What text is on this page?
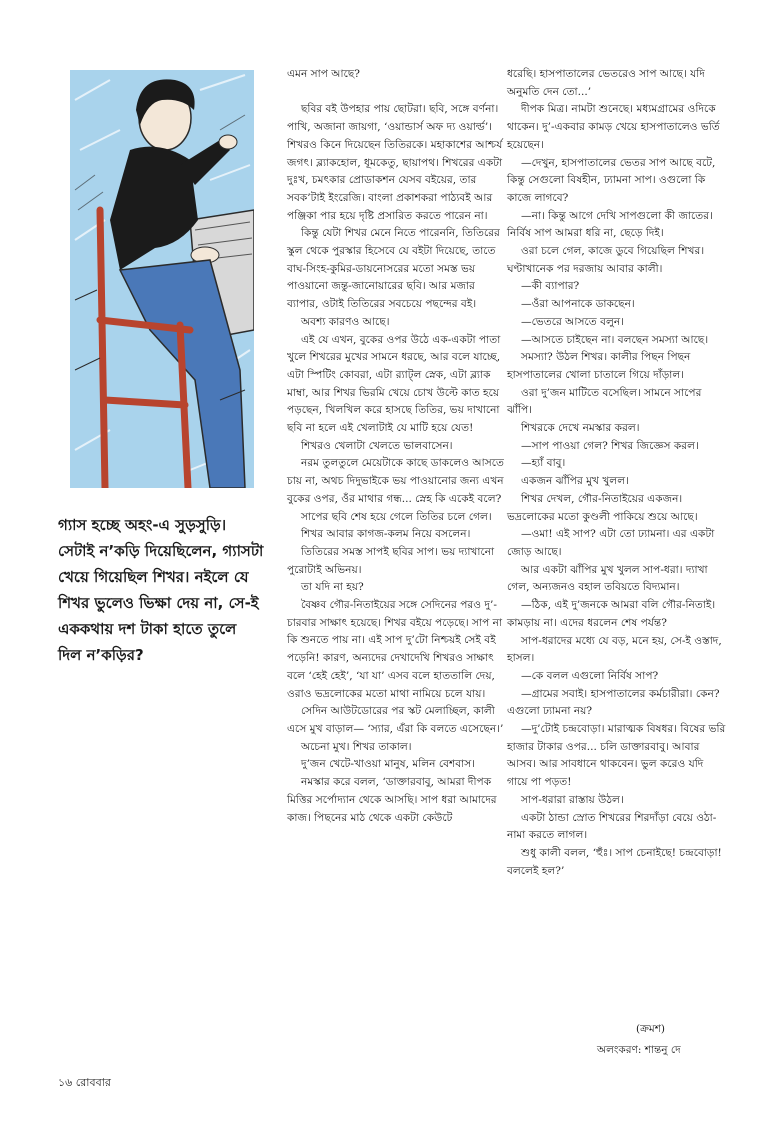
গ্যাস হচ্ছে অহং-এ সুড়সুড়ি। সেটাই ন’কড়ি দিয়েছিলেন, গ্যাসটা খেয়ে গিয়েছিল শিখর। নইলে যে শিখর ভুলেও ভিক্ষা দেয় না, সে-ই এককথায় দশ টাকা হাতে তুলে দিল ন’কড়ির?

এমন সাপ আছে?

ছবির বই উপহার পায় ছোটরা। ছবি, সঙ্গে বর্ণনা। পাখি, অজানা জায়গা, ‘ওয়ান্ডার্স অফ দ্য ওয়ার্ল্ড’। শিখরও কিনে দিয়েছেন তিতিরকে। মহাকাশের আশ্চর্য জগৎ। ব্ল্যাকহোল, ধূমকেতু, ছায়াপথ। শিখরের একটা দুঃখ, চমৎকার প্রোডাকশন যেসব বইয়ের, তার সবক’টাই ইংরেজি। বাংলা প্রকাশকরা পাঠ্যবই আর পঞ্জিকা পার হয়ে দৃষ্টি প্রসারিত করতে পারেন না।

কিন্তু যেটা শিখর মেনে নিতে পারেননি, তিতিরের স্কুল থেকে পুরস্কার হিসেবে যে বইটা দিয়েছে, তাতে বাঘ-সিংহ-কুমির-ডায়নোসরের মতো সমস্ত ভয় পাওয়ানো জন্তু-জানোয়ারের ছবি। আর মজার ব্যাপার, ওটাই তিতিরের সবচেয়ে পছন্দের বই।

অবশ্য কারণও আছে।

এই যে এখন, বুকের ওপর উঠে এক-একটা পাতা খুলে শিখরের মুখের সামনে ধরছে, আর বলে যাচ্ছে, এটা স্পিটিং কোবরা, এটা র‍্যাট্‌ল স্নেক, এটা ব্ল্যাক মাম্বা, আর শিখর ভিরমি খেয়ে চোখ উল্টে কাত হয়ে পড়ছেন, খিলখিল করে হাসছে তিতির, ভয় দাখানো ছবি না হলে এই খেলাটাই যে মাটি হয়ে যেত!

শিখরও খেলাটা খেলতে ভালবাসেন।

নরম তুলতুলে মেয়েটাকে কাছে ডাকলেও আসতে চায় না, অথচ দিদুভাইকে ভয় পাওয়ানোর জন্য এখন বুকের ওপর, ওঁর মাথার গন্ধ... স্নেহ কি একেই বলে?

সাপের ছবি শেষ হয়ে গেলে তিতির চলে গেল।

শিখর আবার কাগজ-কলম নিয়ে বসলেন।

তিতিরের সমস্ত সাপই ছবির সাপ। ভয় দ্যাখানো পুরোটাই অভিনয়।

তা যদি না হয়?

বৈষ্ণব গৌর-নিতাইয়ের সঙ্গে সেদিনের পরও দু’-চারবার সাক্ষাৎ হয়েছে। শিখর বইয়ে পড়েছে। সাপ না কি শুনতে পায় না। এই সাপ দু’টো নিশ্চয়ই সেই বই পড়েনি! কারণ, অন্যদের দেখাদেখি শিখরও সাক্ষাৎ বলে ‘হেই হেই’, ‘যা যা’ এসব বলে হাততালি দেয়, ওরাও ভদ্রলোকের মতো মাথা নামিয়ে চলে যায়।

সেদিন আউটডোরের পর স্কট মেলাচ্ছিল, কালী এসে মুখ বাড়াল— ‘স্যার, এঁরা কি বলতে এসেছেন।’

অচেনা মুখ। শিখর তাকাল।

দু’জন খেটে-খাওয়া মানুষ, মলিন বেশবাস।

নমস্কার করে বলল, ‘ডাক্তারবাবু, আমরা দীপক মিত্তির সর্পোদ্যান থেকে আসছি। সাপ ধরা আমাদের কাজ। পিছনের মাঠ থেকে একটা কেউটে

ধরেছি। হাসপাতালের ভেতরেও সাপ আছে। যদি অনুমতি দেন তো...’

দীপক মিত্র। নামটা শুনেছে। মধ্যমগ্রামের ওদিকে থাকেন। দু’-একবার কামড় খেয়ে হাসপাতালেও ভর্তি হয়েছেন।

—দেখুন, হাসপাতালের ভেতর সাপ আছে বটে, কিন্তু সেগুলো বিষহীন, ঢ্যামনা সাপ। ওগুলো কি কাজে লাগবে?

—না। কিন্তু আগে দেখি সাপগুলো কী জাতের। নির্বিষ সাপ আমরা ধরি না, ছেড়ে দিই।

ওরা চলে গেল, কাজে ডুবে গিয়েছিল শিখর। ঘণ্টাখানেক পর দরজায় আবার কালী।

—কী ব্যাপার?

—ওঁরা আপনাকে ডাকছেন।

—ভেতরে আসতে বলুন।

—আসতে চাইছেন না। বলছেন সমস্যা আছে।

সমস্যা? উঠল শিখর। কালীর পিছন পিছন হাসপাতালের খোলা চাতালে গিয়ে দাঁড়াল।

ওরা দু’জন মাটিতে বসেছিল। সামনে সাপের ঝাঁপি।

শিখরকে দেখে নমস্কার করল।

—সাপ পাওয়া গেল? শিখর জিজ্ঞেস করল।

—হ্যাঁ বাবু।

একজন ঝাঁপির মুখ খুলল।

শিখর দেখল, গৌর-নিতাইয়ের একজন। ভদ্রলোকের মতো কুণ্ডলী পাকিয়ে শুয়ে আছে।

—ওমা! এই সাপ? এটা তো ঢ্যামনা। এর একটা জোড় আছে।

আর একটা ঝাঁপির মুখ খুলল সাপ-ধরা। দ্যাখা গেল, অন্যজনও বহাল তবিয়তে বিদ্যমান।

—ঠিক, এই দু’জনকে আমরা বলি গৌর-নিতাই। কামড়ায় না। এদের ধরলেন শেষ পর্যন্ত?

সাপ-ধরাদের মধ্যে যে বড়, মনে হয়, সে-ই ওস্তাদ, হাসল।

—কে বলল এগুলো নির্বিষ সাপ?

—গ্রামের সবাই। হাসপাতালের কর্মচারীরা। কেন? এগুলো ঢ্যামনা নয়?

—দু’টোই চন্দ্রবোড়া। মারাত্মক বিষধর। বিষের ভরি হাজার টাকার ওপর... চলি ডাক্তারবাবু। আবার আসব। আর সাবধানে থাকবেন। ভুল করেও যদি গায়ে পা পড়ত!

সাপ-ধরারা রাস্তায় উঠল।

একটা ঠান্ডা স্রোত শিখরের শিরদাঁড়া বেয়ে ওঠা-নামা করতে লাগল।

শুধু কালী বলল, ‘হুঁঃ। সাপ চেনাইছে! চন্দ্রবোড়া! বললেই হল?’

(ক্রমশ)
অলংকরণ: শান্তনু দে
১৬ রোববার
